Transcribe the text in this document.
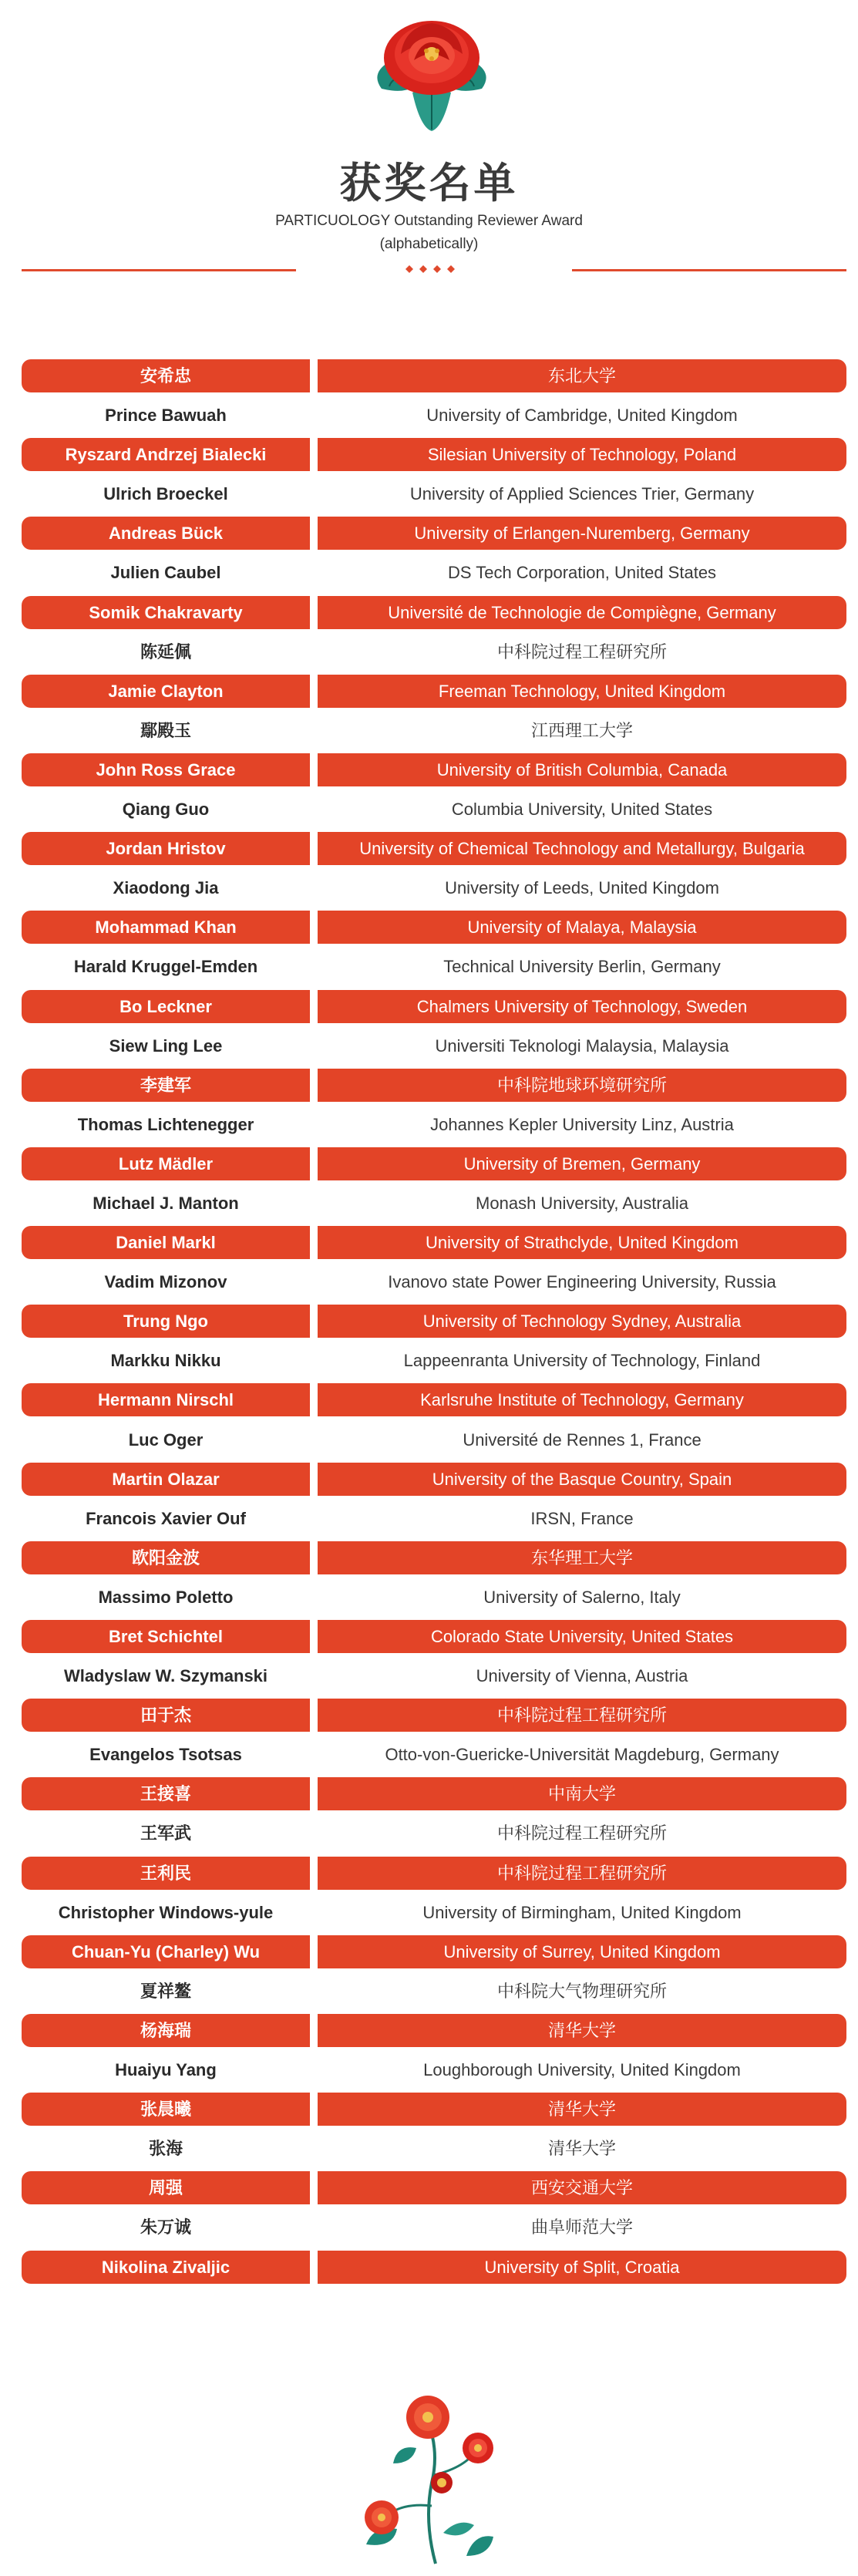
获奖名单
PARTICUOLOGY Outstanding Reviewer Award
(alphabetically)
安希忠	东北大学
Prince Bawuah	University of Cambridge, United Kingdom
Ryszard Andrzej Bialecki	Silesian University of Technology, Poland
Ulrich Broeckel	University of Applied Sciences Trier, Germany
Andreas Bück	University of Erlangen-Nuremberg, Germany
Julien Caubel	DS Tech Corporation, United States
Somik Chakravarty	Université de Technologie de Compiègne, Germany
陈延佩	中科院过程工程研究所
Jamie Clayton	Freeman Technology, United Kingdom
鄢殿玉	江西理工大学
John Ross Grace	University of British Columbia, Canada
Qiang Guo	Columbia University, United States
Jordan Hristov	University of Chemical Technology and Metallurgy, Bulgaria
Xiaodong Jia	University of Leeds, United Kingdom
Mohammad Khan	University of Malaya, Malaysia
Harald Kruggel-Emden	Technical University Berlin, Germany
Bo Leckner	Chalmers University of Technology, Sweden
Siew Ling Lee	Universiti Teknologi Malaysia, Malaysia
李建军	中科院地球环境研究所
Thomas Lichtenegger	Johannes Kepler University Linz, Austria
Lutz Mädler	University of Bremen, Germany
Michael J. Manton	Monash University, Australia
Daniel Markl	University of Strathclyde, United Kingdom
Vadim Mizonov	Ivanovo state Power Engineering University, Russia
Trung Ngo	University of Technology Sydney, Australia
Markku Nikku	Lappeenranta University of Technology, Finland
Hermann Nirschl	Karlsruhe Institute of Technology, Germany
Luc Oger	Université de Rennes 1, France
Martin Olazar	University of the Basque Country, Spain
Francois Xavier Ouf	IRSN, France
欧阳金波	东华理工大学
Massimo Poletto	University of Salerno, Italy
Bret Schichtel	Colorado State University, United States
Wladyslaw W. Szymanski	University of Vienna, Austria
田于杰	中科院过程工程研究所
Evangelos Tsotsas	Otto-von-Guericke-Universität Magdeburg, Germany
王接喜	中南大学
王军武	中科院过程工程研究所
王利民	中科院过程工程研究所
Christopher Windows-yule	University of Birmingham, United Kingdom
Chuan-Yu (Charley) Wu	University of Surrey, United Kingdom
夏祥鳌	中科院大气物理研究所
杨海瑞	清华大学
Huaiyu Yang	Loughborough University, United Kingdom
张晨曦	清华大学
张海	清华大学
周强	西安交通大学
朱万诚	曲阜师范大学
Nikolina Zivaljic	University of Split, Croatia
